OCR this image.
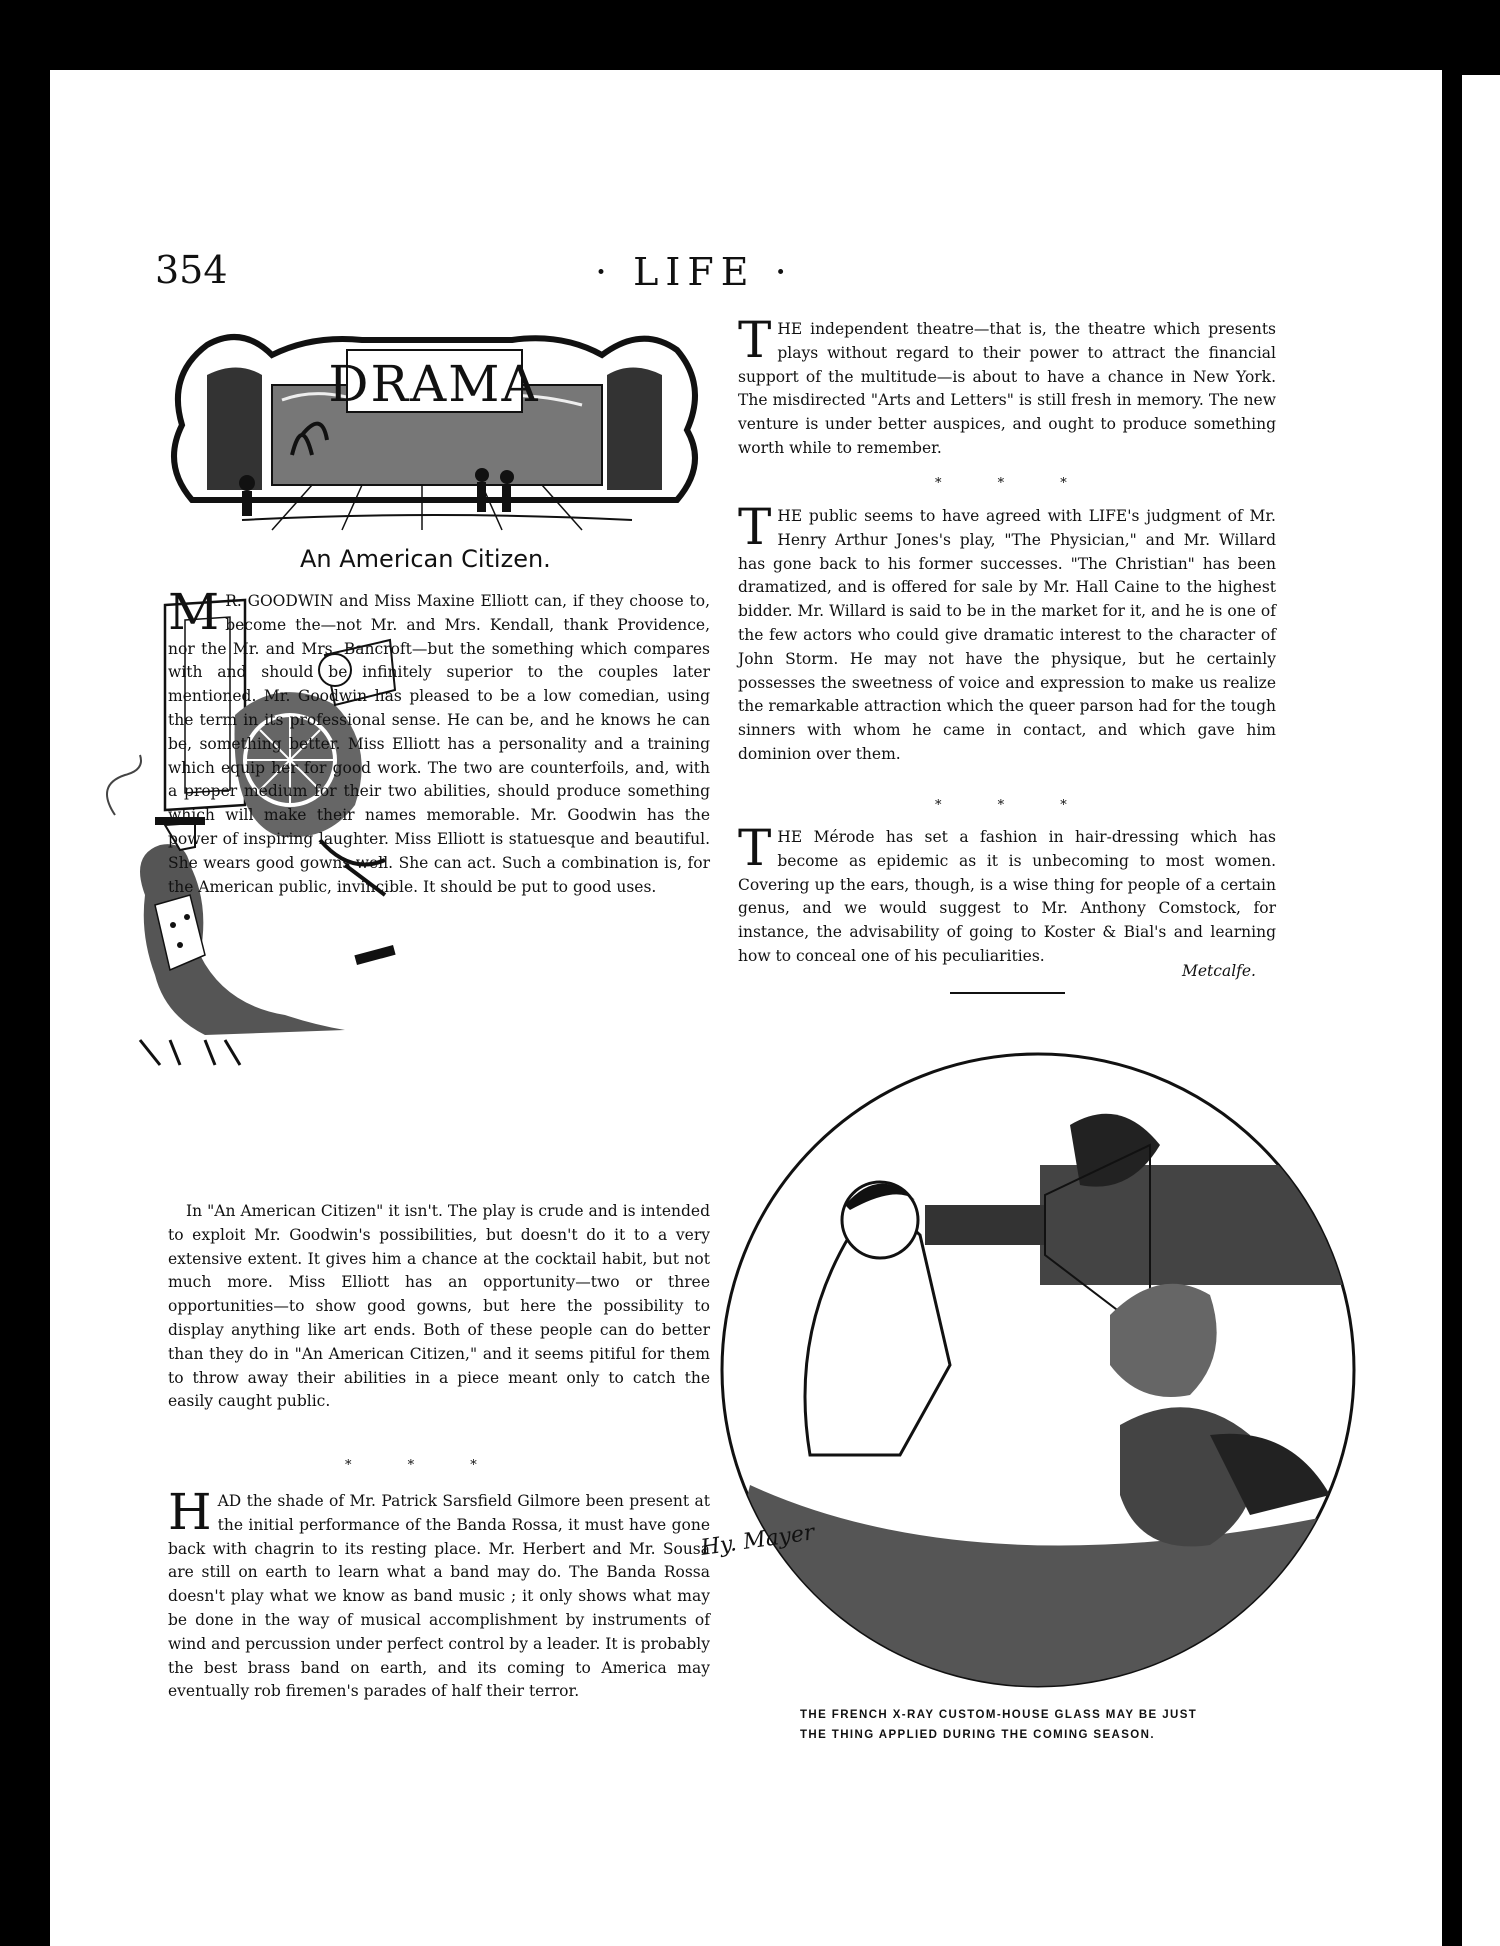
354	· LIFE ·
DRAMA
An American Citizen.

M R. GOODWIN and Miss Maxine Elliott can, if they choose to, become the—not Mr. and Mrs. Kendall, thank Providence, nor the Mr. and Mrs. Bancroft—but the something which compares with and should be infinitely superior to the couples later mentioned. Mr. Goodwin has pleased to be a low comedian, using the term in its professional sense. He can be, and he knows he can be, something better. Miss Elliott has a personality and a training which equip her for good work. The two are counterfoils, and, with a proper medium for their two abilities, should produce something which will make their names memorable. Mr. Goodwin has the power of inspiring laughter. Miss Elliott is statuesque and beautiful. She wears good gowns well. She can act. Such a combination is, for the American public, invincible. It should be put to good uses.

In "An American Citizen" it isn't. The play is crude and is intended to exploit Mr. Goodwin's possibilities, but doesn't do it to a very extensive extent. It gives him a chance at the cocktail habit, but not much more. Miss Elliott has an opportunity—two or three opportunities—to show good gowns, but here the possibility to display anything like art ends. Both of these people can do better than they do in "An American Citizen," and it seems pitiful for them to throw away their abilities in a piece meant only to catch the easily caught public.

* * *

H AD the shade of Mr. Patrick Sarsfield Gilmore been present at the initial performance of the Banda Rossa, it must have gone back with chagrin to its resting place. Mr. Herbert and Mr. Sousa are still on earth to learn what a band may do. The Banda Rossa doesn't play what we know as band music ; it only shows what may be done in the way of musical accomplishment by instruments of wind and percussion under perfect control by a leader. It is probably the best brass band on earth, and its coming to America may eventually rob firemen's parades of half their terror.

T HE independent theatre—that is, the theatre which presents plays without regard to their power to attract the financial support of the multitude—is about to have a chance in New York. The misdirected "Arts and Letters" is still fresh in memory. The new venture is under better auspices, and ought to produce something worth while to remember.

* * *

T HE public seems to have agreed with LIFE's judgment of Mr. Henry Arthur Jones's play, "The Physician," and Mr. Willard has gone back to his former successes. "The Christian" has been dramatized, and is offered for sale by Mr. Hall Caine to the highest bidder. Mr. Willard is said to be in the market for it, and he is one of the few actors who could give dramatic interest to the character of John Storm. He may not have the physique, but he certainly possesses the sweetness of voice and expression to make us realize the remarkable attraction which the queer parson had for the tough sinners with whom he came in contact, and which gave him dominion over them.

* * *

T HE Mérode has set a fashion in hair-dressing which has become as epidemic as it is unbecoming to most women. Covering up the ears, though, is a wise thing for people of a certain genus, and we would suggest to Mr. Anthony Comstock, for instance, the advisability of going to Koster & Bial's and learning how to conceal one of his peculiarities.

Metcalfe.
Hy. Mayer
THE FRENCH X-RAY CUSTOM-HOUSE GLASS MAY BE JUST
THE THING APPLIED DURING THE COMING SEASON.
comicbooks.com
